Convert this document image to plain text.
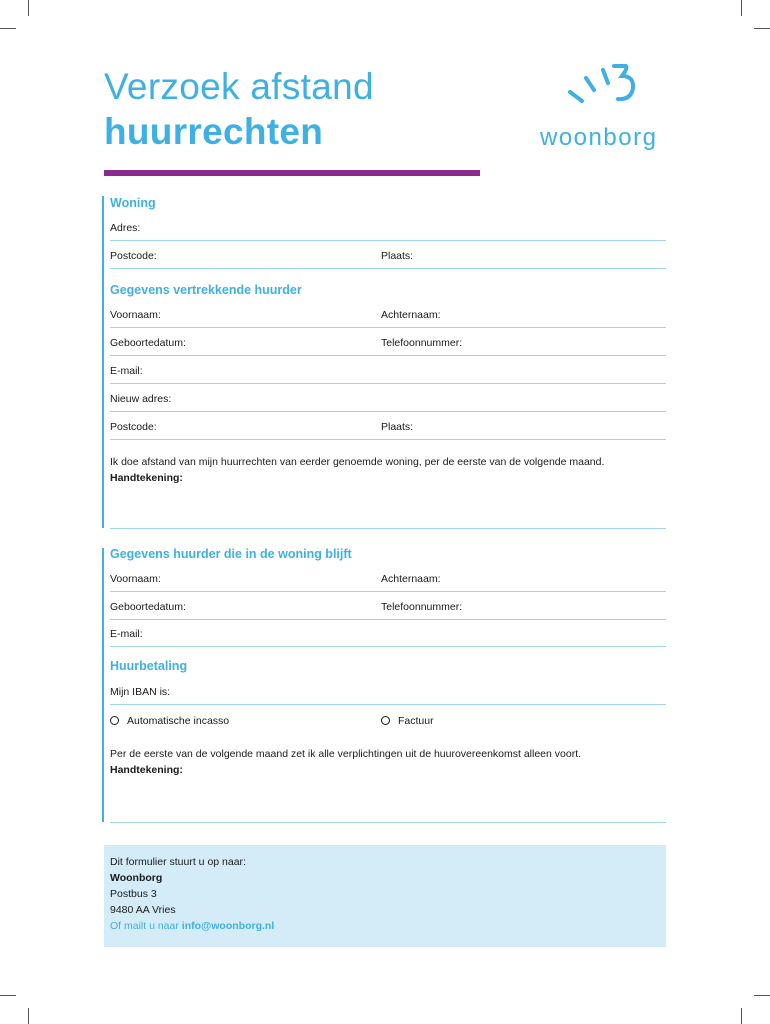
Verzoek afstand
huurrechten	woonborg
Woning
Adres:
Postcode:	Plaats:
Gegevens vertrekkende huurder
Voornaam:	Achternaam:
Geboortedatum:	Telefoonnummer:
E-mail:
Nieuw adres:
Postcode:	Plaats:
Ik doe afstand van mijn huurrechten van eerder genoemde woning, per de eerste van de volgende maand.
Handtekening:
Gegevens huurder die in de woning blijft
Voornaam:	Achternaam:
Geboortedatum:	Telefoonnummer:
E-mail:
Huurbetaling
Mijn IBAN is:
Automatische incasso	Factuur
Per de eerste van de volgende maand zet ik alle verplichtingen uit de huurovereenkomst alleen voort.
Handtekening:
Dit formulier stuurt u op naar:
Woonborg
Postbus 3
9480 AA Vries
Of mailt u naar info@woonborg.nl
